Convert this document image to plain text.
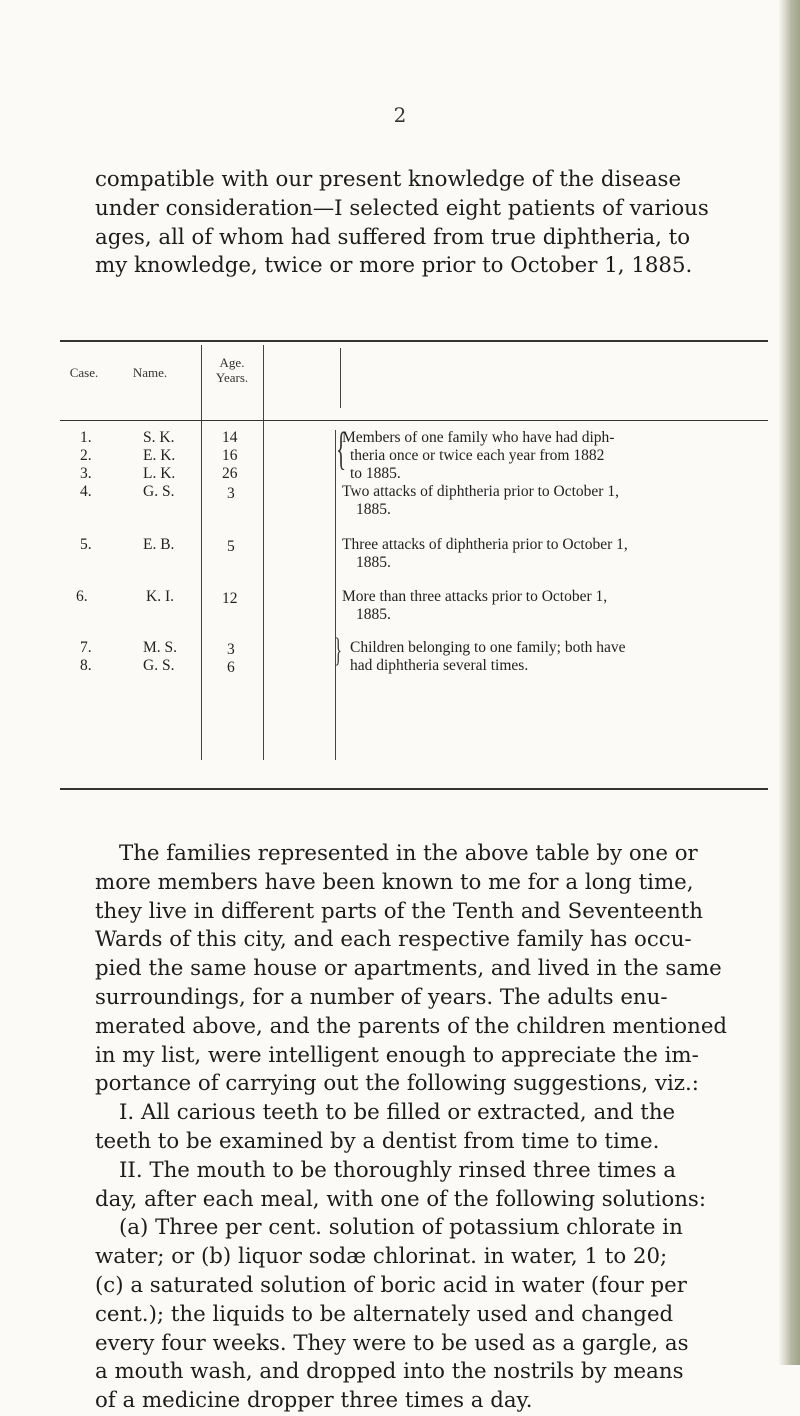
2

compatible with our present knowledge of the disease
under consideration—I selected eight patients of various
ages, all of whom had suffered from true diphtheria, to
my knowledge, twice or more prior to October 1, 1885.

Case.	Name.
Age.
Years.
1.
2.
3.
4.
5.
6.
7.
8.
S. K.
E. K.
L. K.
G. S.
E. B.
K. I.
M. S.
G. S.
14
16
26
3
5
12
3
6
{
}
Members of one family who have had diph-
theria once or twice each year from 1882
to 1885.
Two attacks of diphtheria prior to October 1,
1885.
Three attacks of diphtheria prior to October 1,
1885.
More than three attacks prior to October 1,
1885.
Children belonging to one family; both have
had diphtheria several times.

The families represented in the above table by one or
more members have been known to me for a long time,
they live in different parts of the Tenth and Seventeenth
Wards of this city, and each respective family has occu-
pied the same house or apartments, and lived in the same
surroundings, for a number of years. The adults enu-
merated above, and the parents of the children mentioned
in my list, were intelligent enough to appreciate the im-
portance of carrying out the following suggestions, viz.:
I. All carious teeth to be filled or extracted, and the
teeth to be examined by a dentist from time to time.
II. The mouth to be thoroughly rinsed three times a
day, after each meal, with one of the following solutions:
(a) Three per cent. solution of potassium chlorate in
water; or (b) liquor sodæ chlorinat. in water, 1 to 20;
(c) a saturated solution of boric acid in water (four per
cent.); the liquids to be alternately used and changed
every four weeks. They were to be used as a gargle, as
a mouth wash, and dropped into the nostrils by means
of a medicine dropper three times a day.
